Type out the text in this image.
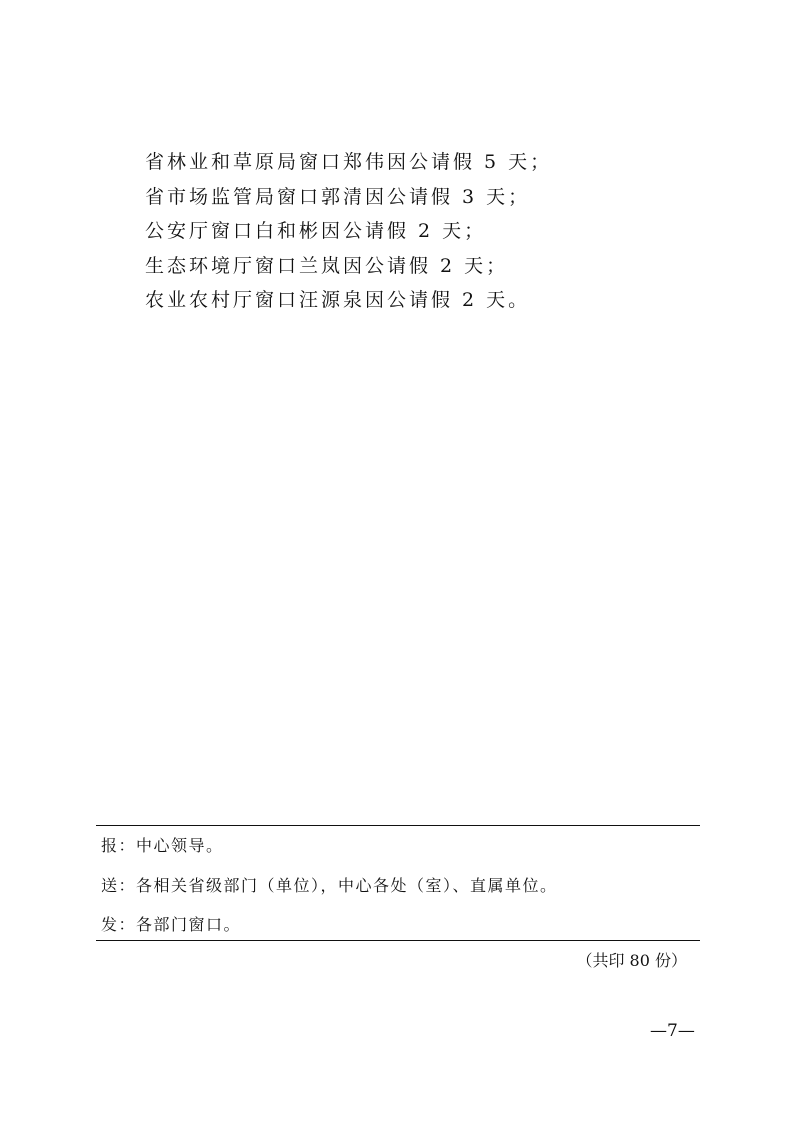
省林业和草原局窗口郑伟因公请假 5 天；
省市场监管局窗口郭清因公请假 3 天；
公安厅窗口白和彬因公请假 2 天；
生态环境厅窗口兰岚因公请假 2 天；
农业农村厅窗口汪源泉因公请假 2 天。

报：中心领导。

送：各相关省级部门（单位），中心各处（室）、直属单位。

发：各部门窗口。

（共印 80 份）

—7—
